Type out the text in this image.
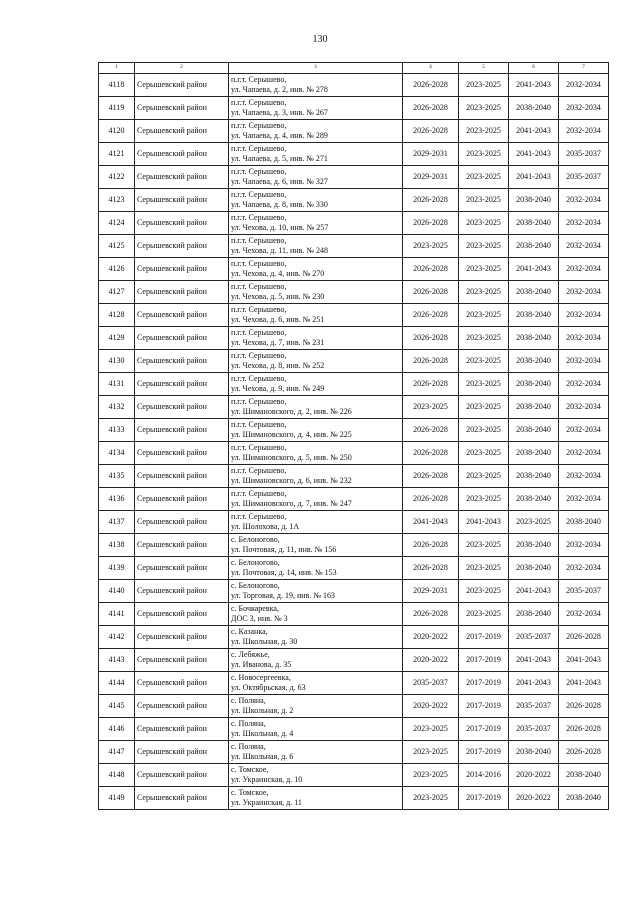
130
1	2	3	4	5	6	7
4118	Серышевский район	п.г.т. Серышево,
ул. Чапаева, д. 2, инв. № 278	2026-2028	2023-2025	2041-2043	2032-2034
4119	Серышевский район	п.г.т. Серышево,
ул. Чапаева, д. 3, инв. № 267	2026-2028	2023-2025	2038-2040	2032-2034
4120	Серышевский район	п.г.т. Серышево,
ул. Чапаева, д. 4, инв. № 289	2026-2028	2023-2025	2041-2043	2032-2034
4121	Серышевский район	п.г.т. Серышево,
ул. Чапаева, д. 5, инв. № 271	2029-2031	2023-2025	2041-2043	2035-2037
4122	Серышевский район	п.г.т. Серышево,
ул. Чапаева, д. 6, инв. № 327	2029-2031	2023-2025	2041-2043	2035-2037
4123	Серышевский район	п.г.т. Серышево,
ул. Чапаева, д. 8, инв. № 330	2026-2028	2023-2025	2038-2040	2032-2034
4124	Серышевский район	п.г.т. Серышево,
ул. Чехова, д. 10, инв. № 257	2026-2028	2023-2025	2038-2040	2032-2034
4125	Серышевский район	п.г.т. Серышево,
ул. Чехова, д. 11, инв. № 248	2023-2025	2023-2025	2038-2040	2032-2034
4126	Серышевский район	п.г.т. Серышево,
ул. Чехова, д. 4, инв. № 270	2026-2028	2023-2025	2041-2043	2032-2034
4127	Серышевский район	п.г.т. Серышево,
ул. Чехова, д. 5, инв. № 230	2026-2028	2023-2025	2038-2040	2032-2034
4128	Серышевский район	п.г.т. Серышево,
ул. Чехова, д. 6, инв. № 251	2026-2028	2023-2025	2038-2040	2032-2034
4129	Серышевский район	п.г.т. Серышево,
ул. Чехова, д. 7, инв. № 231	2026-2028	2023-2025	2038-2040	2032-2034
4130	Серышевский район	п.г.т. Серышево,
ул. Чехова, д. 8, инв. № 252	2026-2028	2023-2025	2038-2040	2032-2034
4131	Серышевский район	п.г.т. Серышево,
ул. Чехова, д. 9, инв. № 249	2026-2028	2023-2025	2038-2040	2032-2034
4132	Серышевский район	п.г.т. Серышево,
ул. Шимановского, д. 2, инв. № 226	2023-2025	2023-2025	2038-2040	2032-2034
4133	Серышевский район	п.г.т. Серышево,
ул. Шимановского, д. 4, инв. № 225	2026-2028	2023-2025	2038-2040	2032-2034
4134	Серышевский район	п.г.т. Серышево,
ул. Шимановского, д. 5, инв. № 250	2026-2028	2023-2025	2038-2040	2032-2034
4135	Серышевский район	п.г.т. Серышево,
ул. Шимановского, д. 6, инв. № 232	2026-2028	2023-2025	2038-2040	2032-2034
4136	Серышевский район	п.г.т. Серышево,
ул. Шимановского, д. 7, инв. № 247	2026-2028	2023-2025	2038-2040	2032-2034
4137	Серышевский район	п.г.т. Серышево,
ул. Шолохова, д. 1А	2041-2043	2041-2043	2023-2025	2038-2040
4138	Серышевский район	с. Белоногово,
ул. Почтовая, д. 11, инв. № 156	2026-2028	2023-2025	2038-2040	2032-2034
4139	Серышевский район	с. Белоногово,
ул. Почтовая, д. 14, инв. № 153	2026-2028	2023-2025	2038-2040	2032-2034
4140	Серышевский район	с. Белоногово,
ул. Торговая, д. 19, инв. № 163	2029-2031	2023-2025	2041-2043	2035-2037
4141	Серышевский район	с. Бочкаревка,
ДОС 3, инв. № 3	2026-2028	2023-2025	2038-2040	2032-2034
4142	Серышевский район	с. Казанка,
ул. Школьная, д. 30	2020-2022	2017-2019	2035-2037	2026-2028
4143	Серышевский район	с. Лебяжье,
ул. Иванова, д. 35	2020-2022	2017-2019	2041-2043	2041-2043
4144	Серышевский район	с. Новосергеевка,
ул. Октябрьская, д. 63	2035-2037	2017-2019	2041-2043	2041-2043
4145	Серышевский район	с. Поляна,
ул. Школьная, д. 2	2020-2022	2017-2019	2035-2037	2026-2028
4146	Серышевский район	с. Поляна,
ул. Школьная, д. 4	2023-2025	2017-2019	2035-2037	2026-2028
4147	Серышевский район	с. Поляна,
ул. Школьная, д. 6	2023-2025	2017-2019	2038-2040	2026-2028
4148	Серышевский район	с. Томское,
ул. Украинская, д. 10	2023-2025	2014-2016	2020-2022	2038-2040
4149	Серышевский район	с. Томское,
ул. Украинская, д. 11	2023-2025	2017-2019	2020-2022	2038-2040
